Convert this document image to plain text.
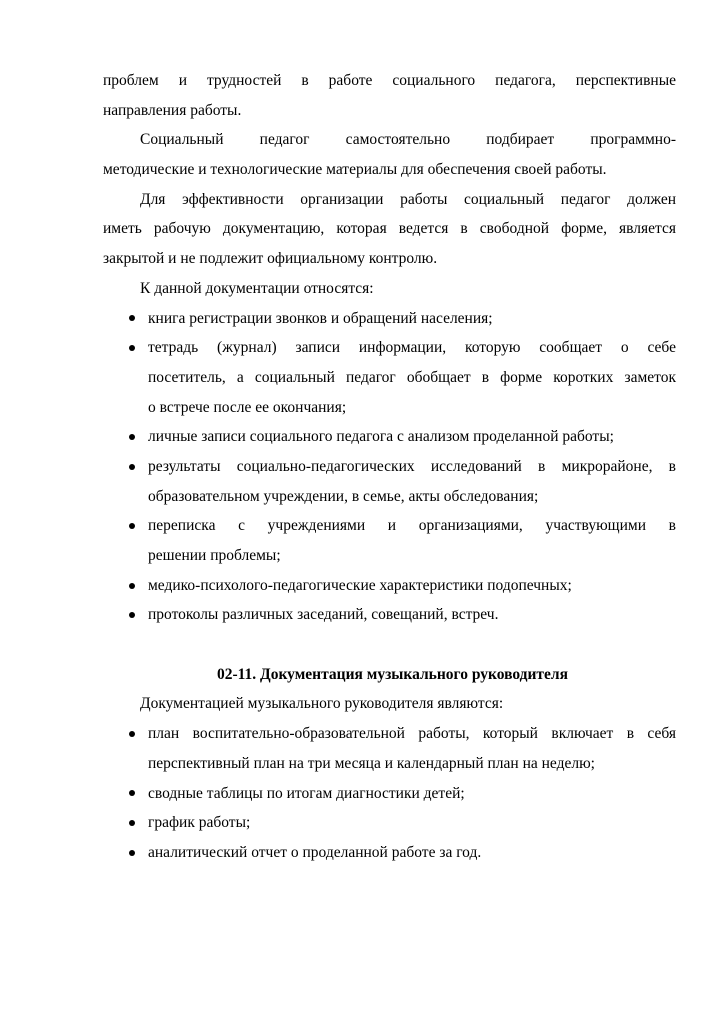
проблем и трудностей в работе социального педагога, перспективные
направления работы.
Социальный педагог самостоятельно подбирает программно-
методические и технологические материалы для обеспечения своей работы.
Для эффективности организации работы социальный педагог должен
иметь рабочую документацию, которая ведется в свободной форме, является
закрытой и не подлежит официальному контролю.
К данной документации относятся:
книга регистрации звонков и обращений населения;
тетрадь (журнал) записи информации, которую сообщает о себе
посетитель, а социальный педагог обобщает в форме коротких заметок
о встрече после ее окончания;
личные записи социального педагога с анализом проделанной работы;
результаты социально-педагогических исследований в микрорайоне, в
образовательном учреждении, в семье, акты обследования;
переписка с учреждениями и организациями, участвующими в
решении проблемы;
медико-психолого-педагогические характеристики подопечных;
протоколы различных заседаний, совещаний, встреч.
02-11. Документация музыкального руководителя
Документацией музыкального руководителя являются:
план воспитательно-образовательной работы, который включает в себя
перспективный план на три месяца и календарный план на неделю;
сводные таблицы по итогам диагностики детей;
график работы;
аналитический отчет о проделанной работе за год.
